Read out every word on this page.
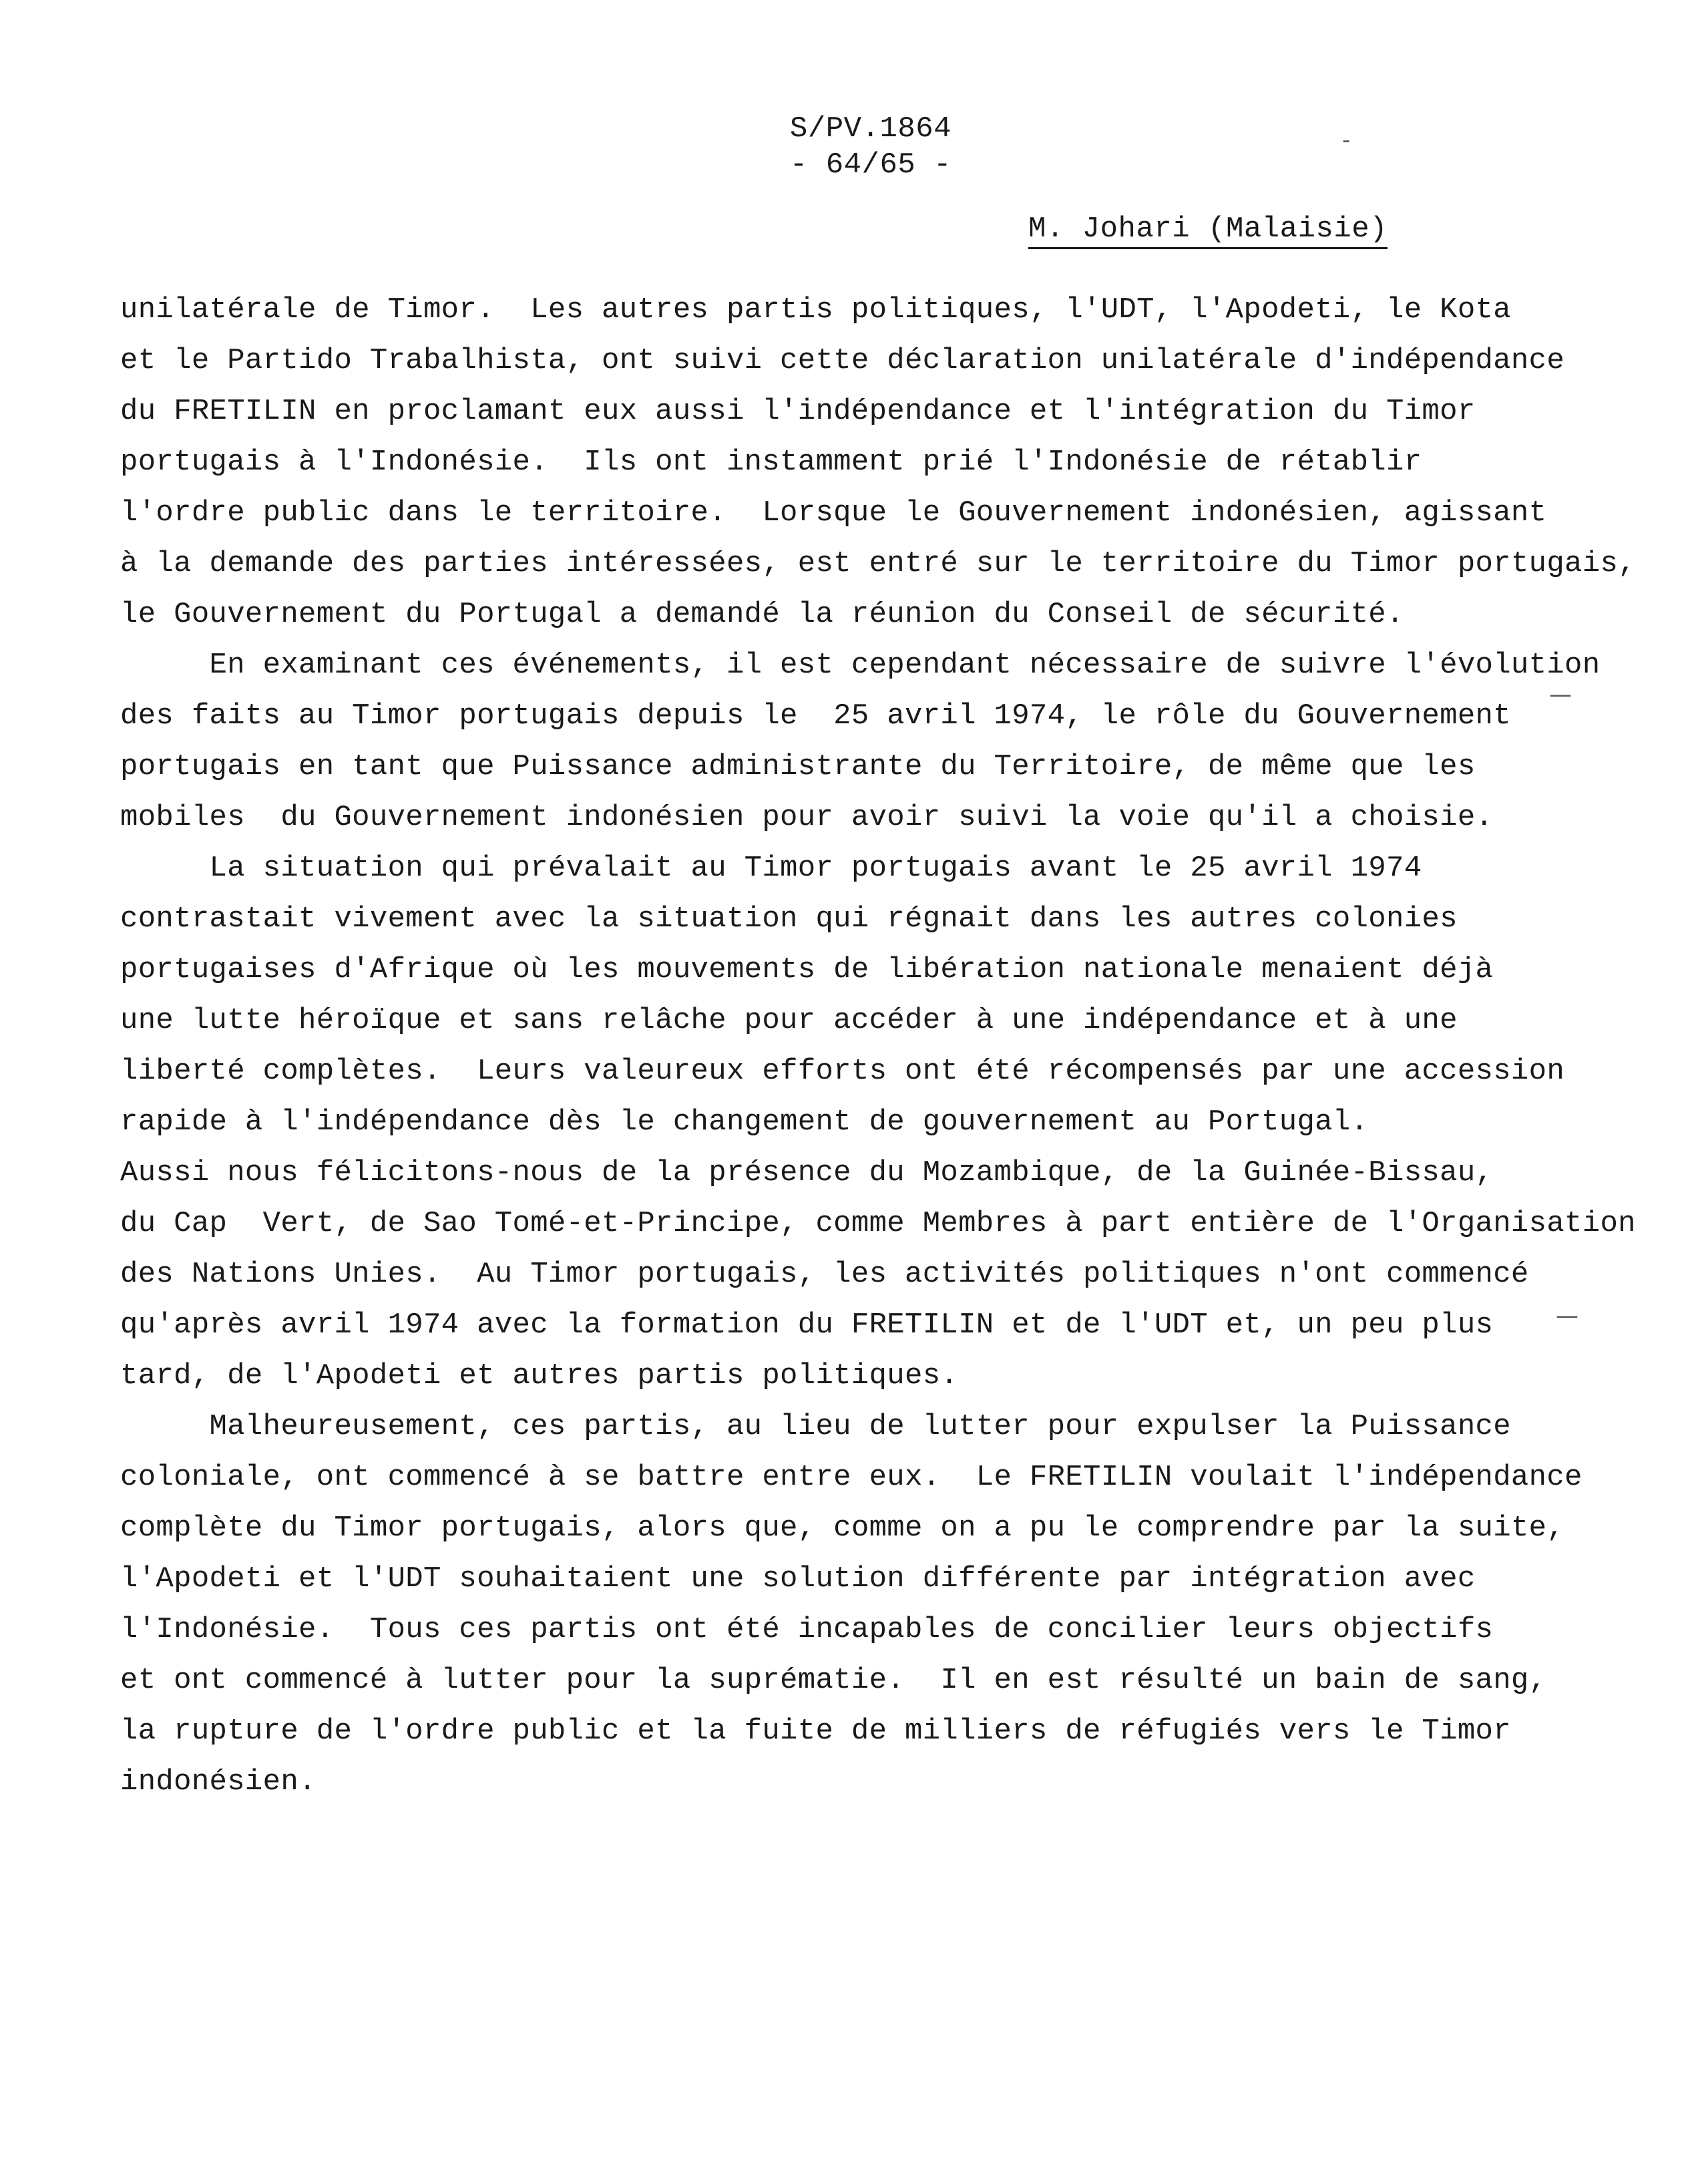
S/PV.1864
- 64/65 -
M. Johari (Malaisie)
unilatérale de Timor.  Les autres partis politiques, l'UDT, l'Apodeti, le Kota
et le Partido Trabalhista, ont suivi cette déclaration unilatérale d'indépendance
du FRETILIN en proclamant eux aussi l'indépendance et l'intégration du Timor
portugais à l'Indonésie.  Ils ont instamment prié l'Indonésie de rétablir
l'ordre public dans le territoire.  Lorsque le Gouvernement indonésien, agissant
à la demande des parties intéressées, est entré sur le territoire du Timor portugais,
le Gouvernement du Portugal a demandé la réunion du Conseil de sécurité.
En examinant ces événements, il est cependant nécessaire de suivre l'évolution
des faits au Timor portugais depuis le  25 avril 1974, le rôle du Gouvernement
portugais en tant que Puissance administrante du Territoire, de même que les
mobiles  du Gouvernement indonésien pour avoir suivi la voie qu'il a choisie.
La situation qui prévalait au Timor portugais avant le 25 avril 1974
contrastait vivement avec la situation qui régnait dans les autres colonies
portugaises d'Afrique où les mouvements de libération nationale menaient déjà
une lutte héroïque et sans relâche pour accéder à une indépendance et à une
liberté complètes.  Leurs valeureux efforts ont été récompensés par une accession
rapide à l'indépendance dès le changement de gouvernement au Portugal.
Aussi nous félicitons-nous de la présence du Mozambique, de la Guinée-Bissau,
du Cap  Vert, de Sao Tomé-et-Principe, comme Membres à part entière de l'Organisation
des Nations Unies.  Au Timor portugais, les activités politiques n'ont commencé
qu'après avril 1974 avec la formation du FRETILIN et de l'UDT et, un peu plus
tard, de l'Apodeti et autres partis politiques.
Malheureusement, ces partis, au lieu de lutter pour expulser la Puissance
coloniale, ont commencé à se battre entre eux.  Le FRETILIN voulait l'indépendance
complète du Timor portugais, alors que, comme on a pu le comprendre par la suite,
l'Apodeti et l'UDT souhaitaient une solution différente par intégration avec
l'Indonésie.  Tous ces partis ont été incapables de concilier leurs objectifs
et ont commencé à lutter pour la suprématie.  Il en est résulté un bain de sang,
la rupture de l'ordre public et la fuite de milliers de réfugiés vers le Timor
indonésien.
—
—
-
